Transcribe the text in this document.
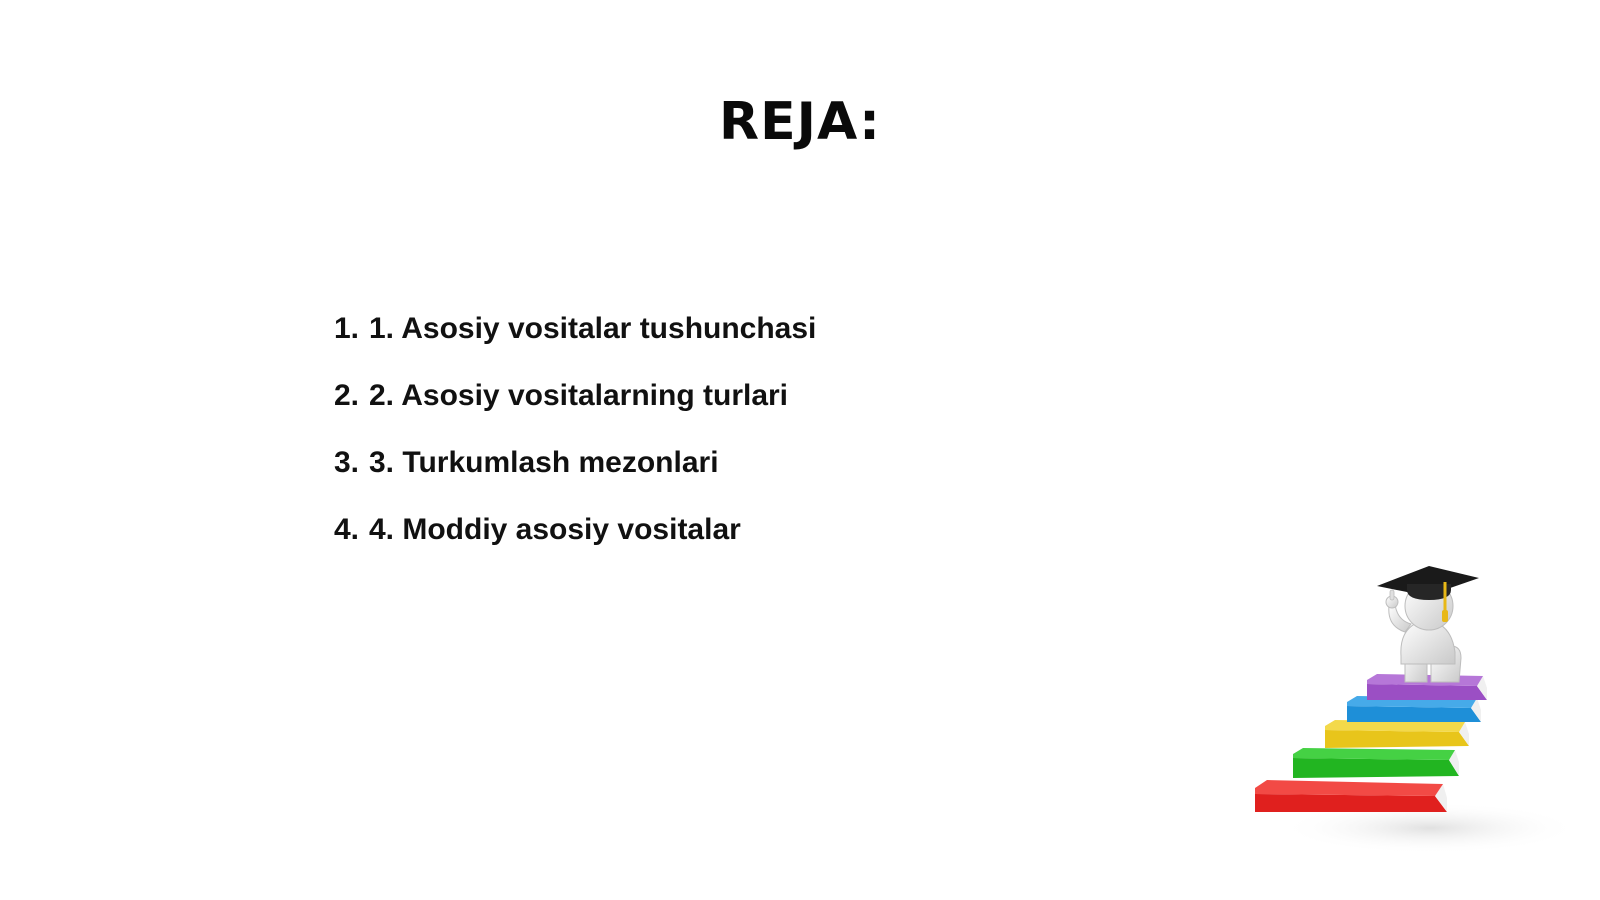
REJA:
1. 1. Asosiy vositalar tushunchasi
2. 2. Asosiy vositalarning turlari
3. 3. Turkumlash mezonlari
4. 4. Moddiy asosiy vositalar
